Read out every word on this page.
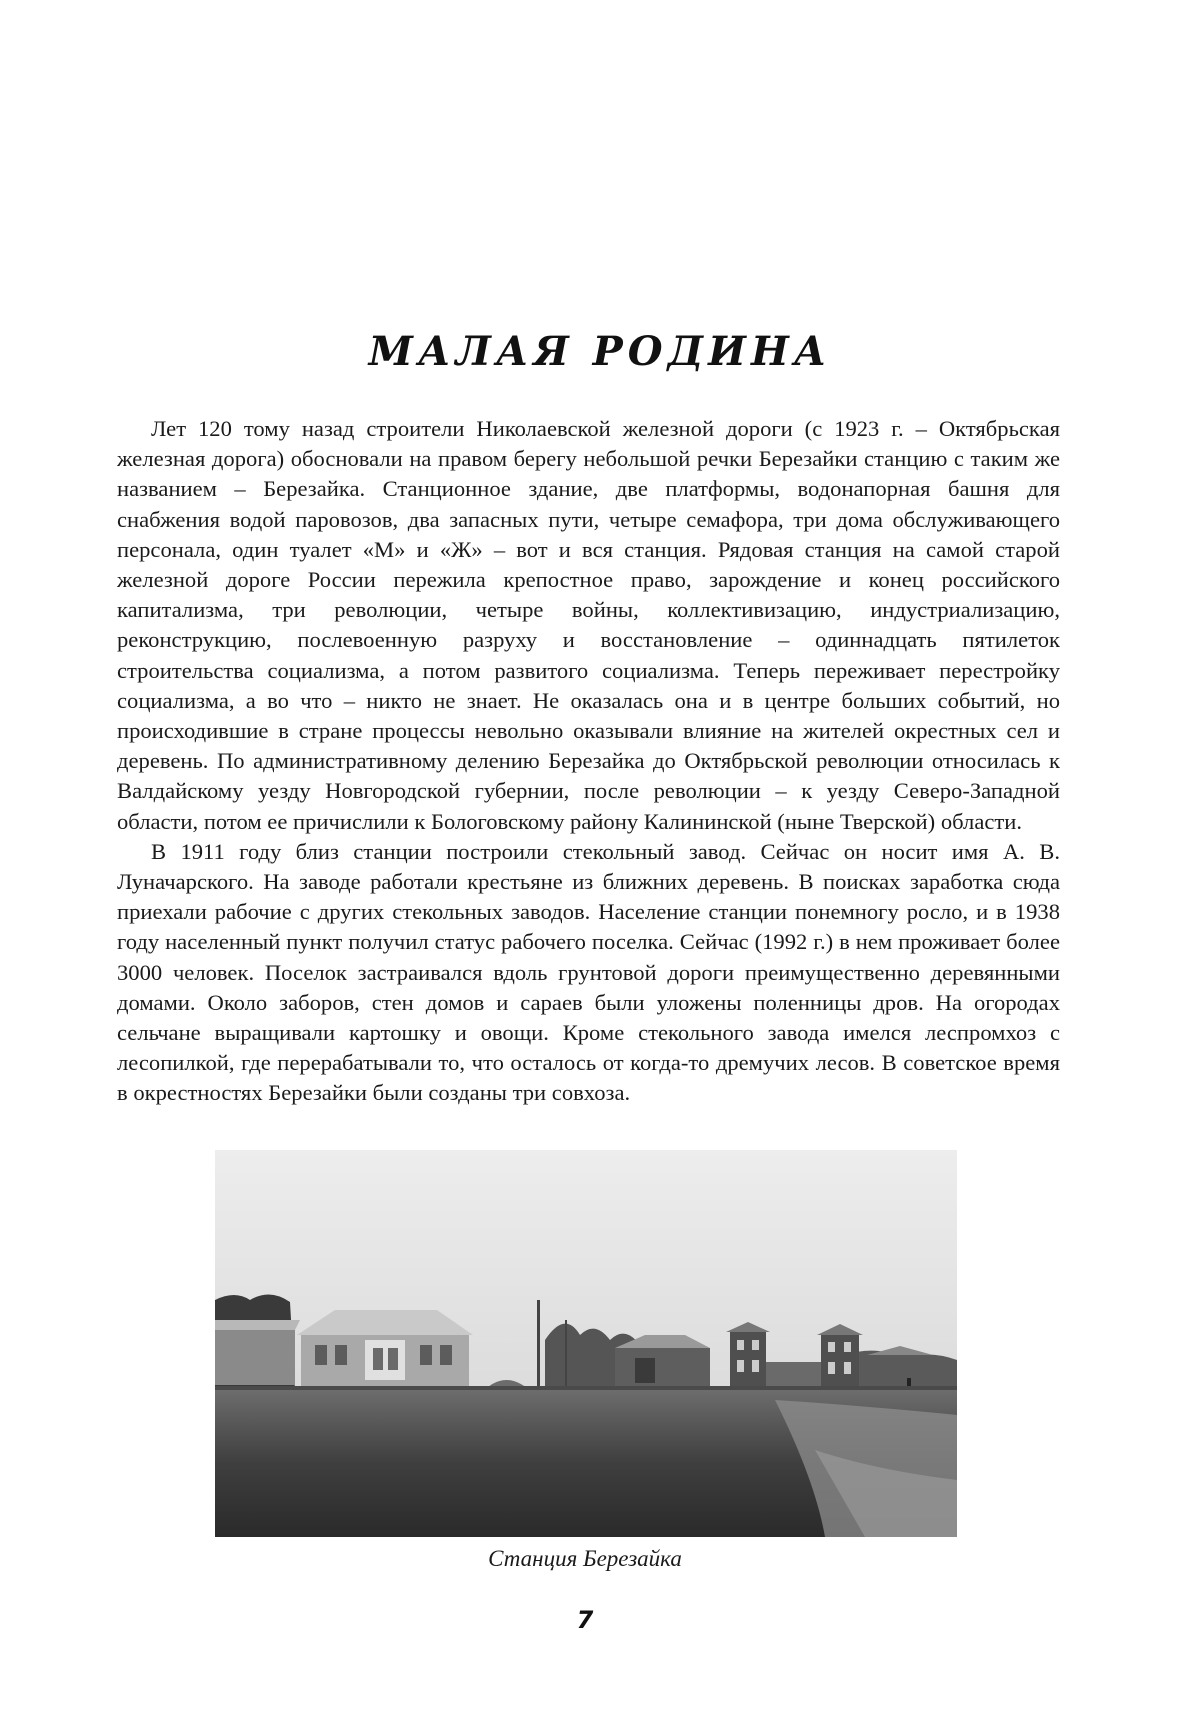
МАЛАЯ РОДИНА

Лет 120 тому назад строители Николаевской железной дороги (с 1923 г. – Октябрьская железная дорога) обосновали на правом берегу небольшой речки Березайки станцию с таким же названием – Березайка. Станционное здание, две платформы, водонапорная башня для снабжения водой паровозов, два запасных пути, четыре семафора, три дома обслуживающего персонала, один туалет «М» и «Ж» – вот и вся станция. Рядовая станция на самой старой железной дороге России пережила крепостное право, зарождение и конец российского капитализма, три революции, четыре войны, коллективизацию, индустриализацию, реконструкцию, послевоенную разруху и восстановление – одиннадцать пятилеток строительства социализма, а потом развитого социализма. Теперь переживает перестройку социализма, а во что – никто не знает. Не оказалась она и в центре больших событий, но происходившие в стране процессы невольно оказывали влияние на жителей окрестных сел и деревень. По административному делению Березайка до Октябрьской революции относилась к Валдайскому уезду Новгородской губернии, после революции – к уезду Северо-Западной области, потом ее причислили к Бологовскому району Калининской (ныне Тверской) области.

В 1911 году близ станции построили стекольный завод. Сейчас он носит имя А. В. Луначарского. На заводе работали крестьяне из ближних деревень. В поисках заработка сюда приехали рабочие с других стекольных заводов. Население станции понемногу росло, и в 1938 году населенный пункт получил статус рабочего поселка. Сейчас (1992 г.) в нем проживает более 3000 человек. Поселок застраивался вдоль грунтовой дороги преимущественно деревянными домами. Около заборов, стен домов и сараев были уложены поленницы дров. На огородах сельчане выращивали картошку и овощи. Кроме стекольного завода имелся леспромхоз с лесопилкой, где перерабатывали то, что осталось от когда-то дремучих лесов. В советское время в окрестностях Березайки были созданы три совхоза.

Станция Березайка
7
